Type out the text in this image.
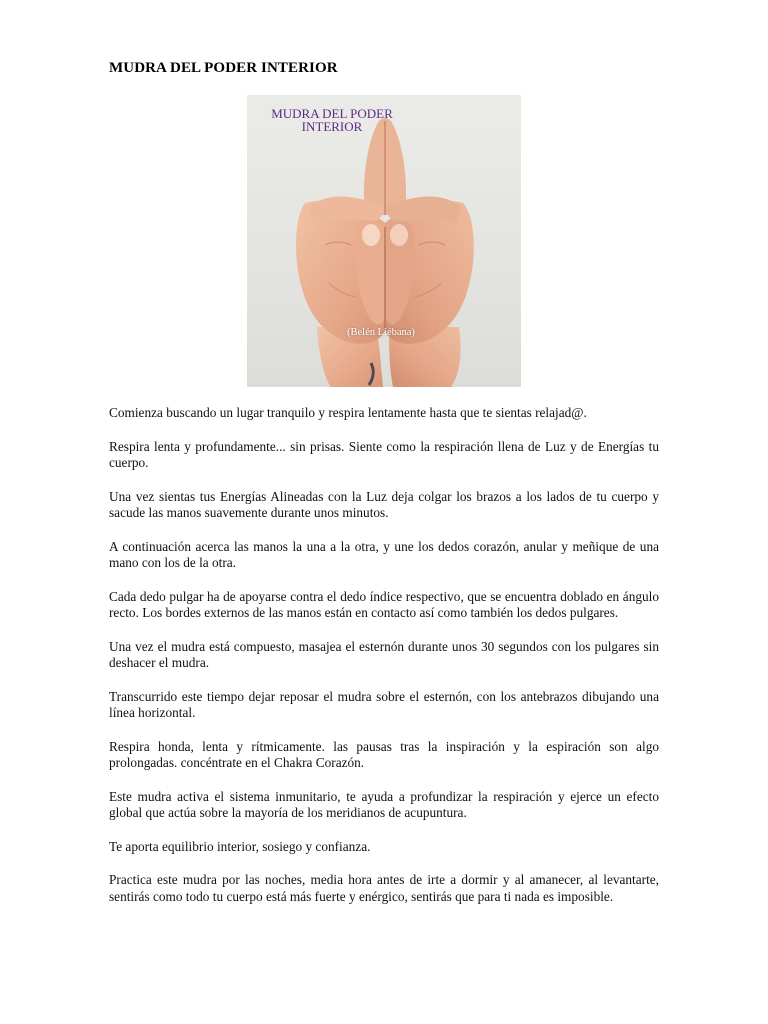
MUDRA DEL PODER INTERIOR
MUDRA DEL PODER
INTERIOR
(Belén Liébana)

Comienza buscando un lugar tranquilo y respira lentamente hasta que te sientas relajad@.

Respira lenta y profundamente... sin prisas. Siente como la respiración llena de Luz y de Energías tu cuerpo.

Una vez sientas tus Energías Alineadas con la Luz deja colgar los brazos a los lados de tu cuerpo y sacude las manos suavemente durante unos minutos.

A continuación acerca las manos la una a la otra, y une los dedos corazón, anular y meñique de una mano con los de la otra.

Cada dedo pulgar ha de apoyarse contra el dedo índice respectivo, que se encuentra doblado en ángulo recto. Los bordes externos de las manos están en contacto así como también los dedos pulgares.

Una vez el mudra está compuesto, masajea el esternón durante unos 30 segundos con los pulgares sin deshacer el mudra.

Transcurrido este tiempo dejar reposar el mudra sobre el esternón, con los antebrazos dibujando una línea horizontal.

Respira honda, lenta y rítmicamente. las pausas tras la inspiración y la espiración son algo prolongadas. concéntrate en el Chakra Corazón.

Este mudra activa el sistema inmunitario, te ayuda a profundizar la respiración y ejerce un efecto global que actúa sobre la mayoría de los meridianos de acupuntura.

Te aporta equilibrio interior, sosiego y confianza.

Practica este mudra por las noches, media hora antes de irte a dormir y al amanecer, al levantarte, sentirás como todo tu cuerpo está más fuerte y enérgico, sentirás que para ti nada es imposible.
